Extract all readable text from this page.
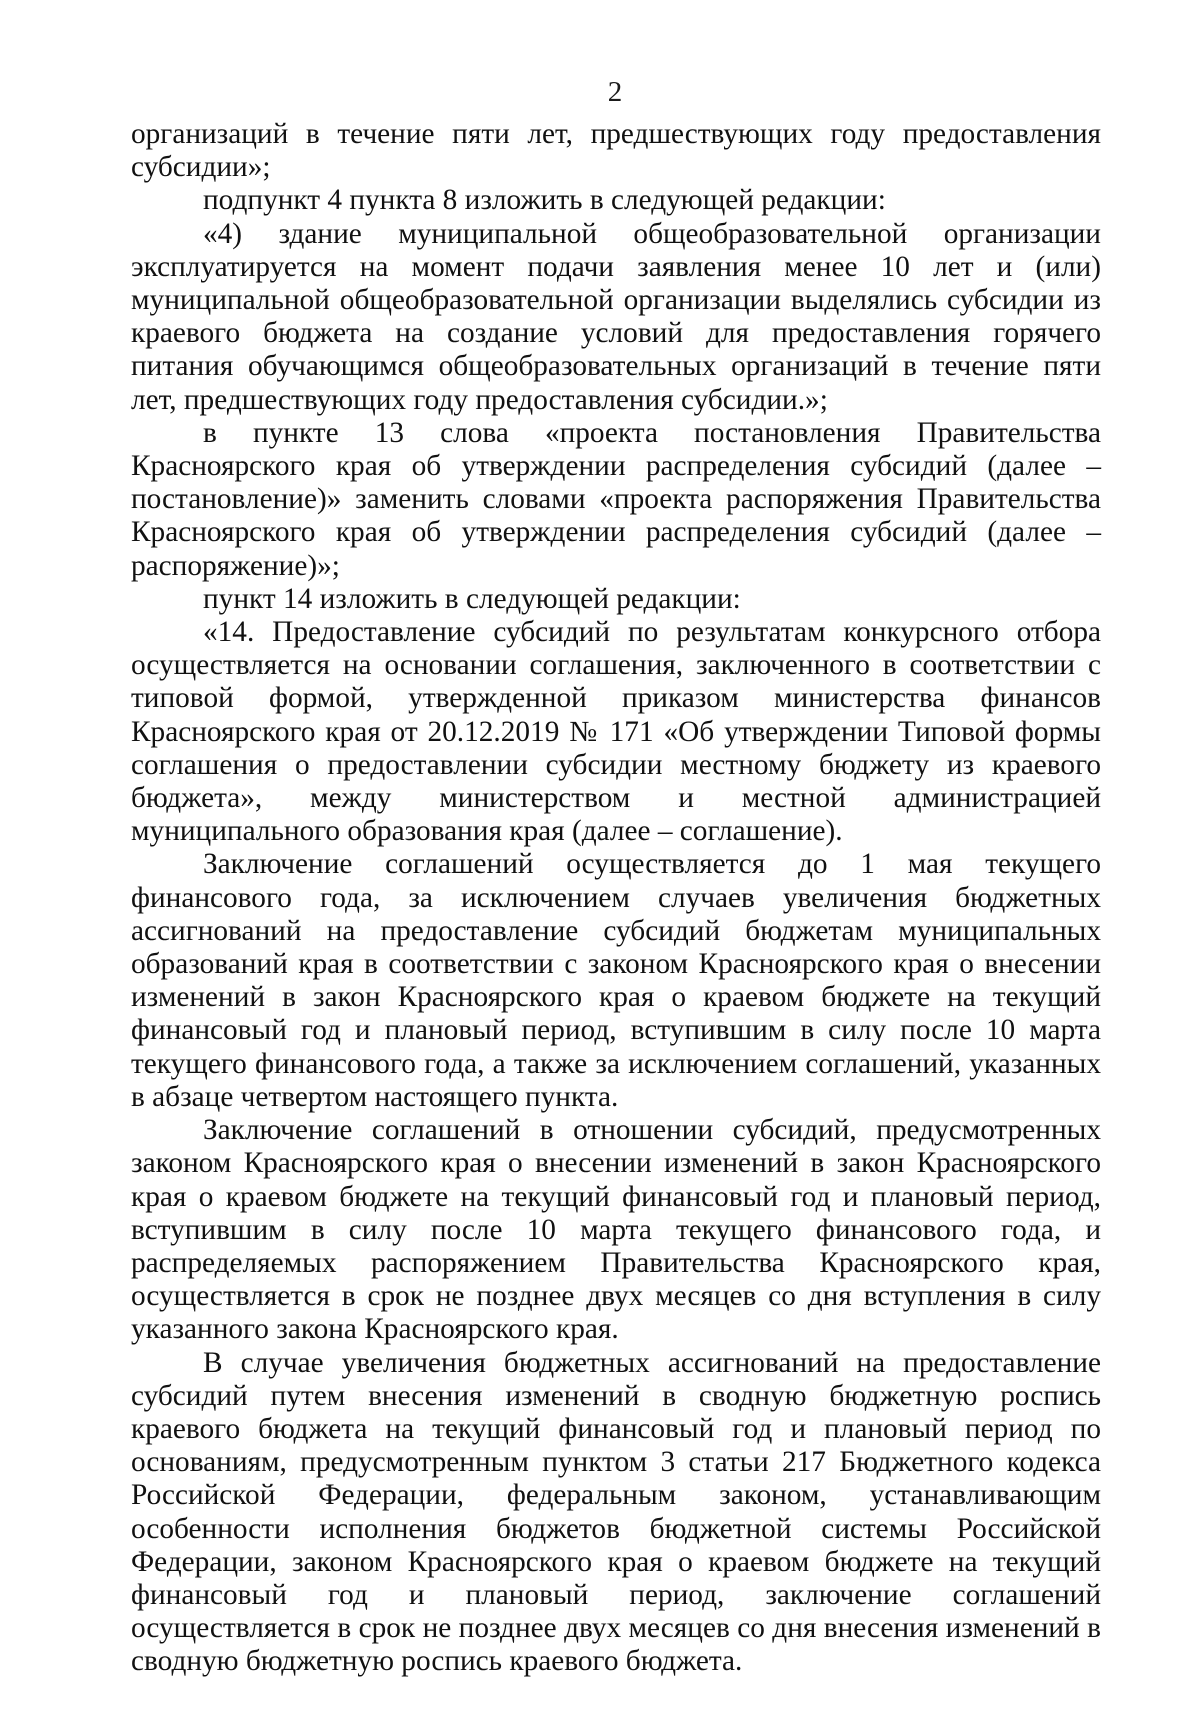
2

организаций в течение пяти лет, предшествующих году предоставления субсидии»;

подпункт 4 пункта 8 изложить в следующей редакции:

«4) здание муниципальной общеобразовательной организации эксплуатируется на момент подачи заявления менее 10 лет и (или) муниципальной общеобразовательной организации выделялись субсидии из краевого бюджета на создание условий для предоставления горячего питания обучающимся общеобразовательных организаций в течение пяти лет, предшествующих году предоставления субсидии.»;

в пункте 13 слова «проекта постановления Правительства Красноярского края об утверждении распределения субсидий (далее – постановление)» заменить словами «проекта распоряжения Правительства Красноярского края об утверждении распределения субсидий (далее – распоряжение)»;

пункт 14 изложить в следующей редакции:

«14. Предоставление субсидий по результатам конкурсного отбора осуществляется на основании соглашения, заключенного в соответствии с типовой формой, утвержденной приказом министерства финансов Красноярского края от 20.12.2019 № 171 «Об утверждении Типовой формы соглашения о предоставлении субсидии местному бюджету из краевого бюджета», между министерством и местной администрацией муниципального образования края (далее – соглашение).

Заключение соглашений осуществляется до 1 мая текущего финансового года, за исключением случаев увеличения бюджетных ассигнований на предоставление субсидий бюджетам муниципальных образований края в соответствии с законом Красноярского края о внесении изменений в закон Красноярского края о краевом бюджете на текущий финансовый год и плановый период, вступившим в силу после 10 марта текущего финансового года, а также за исключением соглашений, указанных в абзаце четвертом настоящего пункта.

Заключение соглашений в отношении субсидий, предусмотренных законом Красноярского края о внесении изменений в закон Красноярского края о краевом бюджете на текущий финансовый год и плановый период, вступившим в силу после 10 марта текущего финансового года, и распределяемых распоряжением Правительства Красноярского края, осуществляется в срок не позднее двух месяцев со дня вступления в силу указанного закона Красноярского края.

В случае увеличения бюджетных ассигнований на предоставление субсидий путем внесения изменений в сводную бюджетную роспись краевого бюджета на текущий финансовый год и плановый период по основаниям, предусмотренным пунктом 3 статьи 217 Бюджетного кодекса Российской Федерации, федеральным законом, устанавливающим особенности исполнения бюджетов бюджетной системы Российской Федерации, законом Красноярского края о краевом бюджете на текущий финансовый год и плановый период, заключение соглашений осуществляется в срок не позднее двух месяцев со дня внесения изменений в сводную бюджетную роспись краевого бюджета.
